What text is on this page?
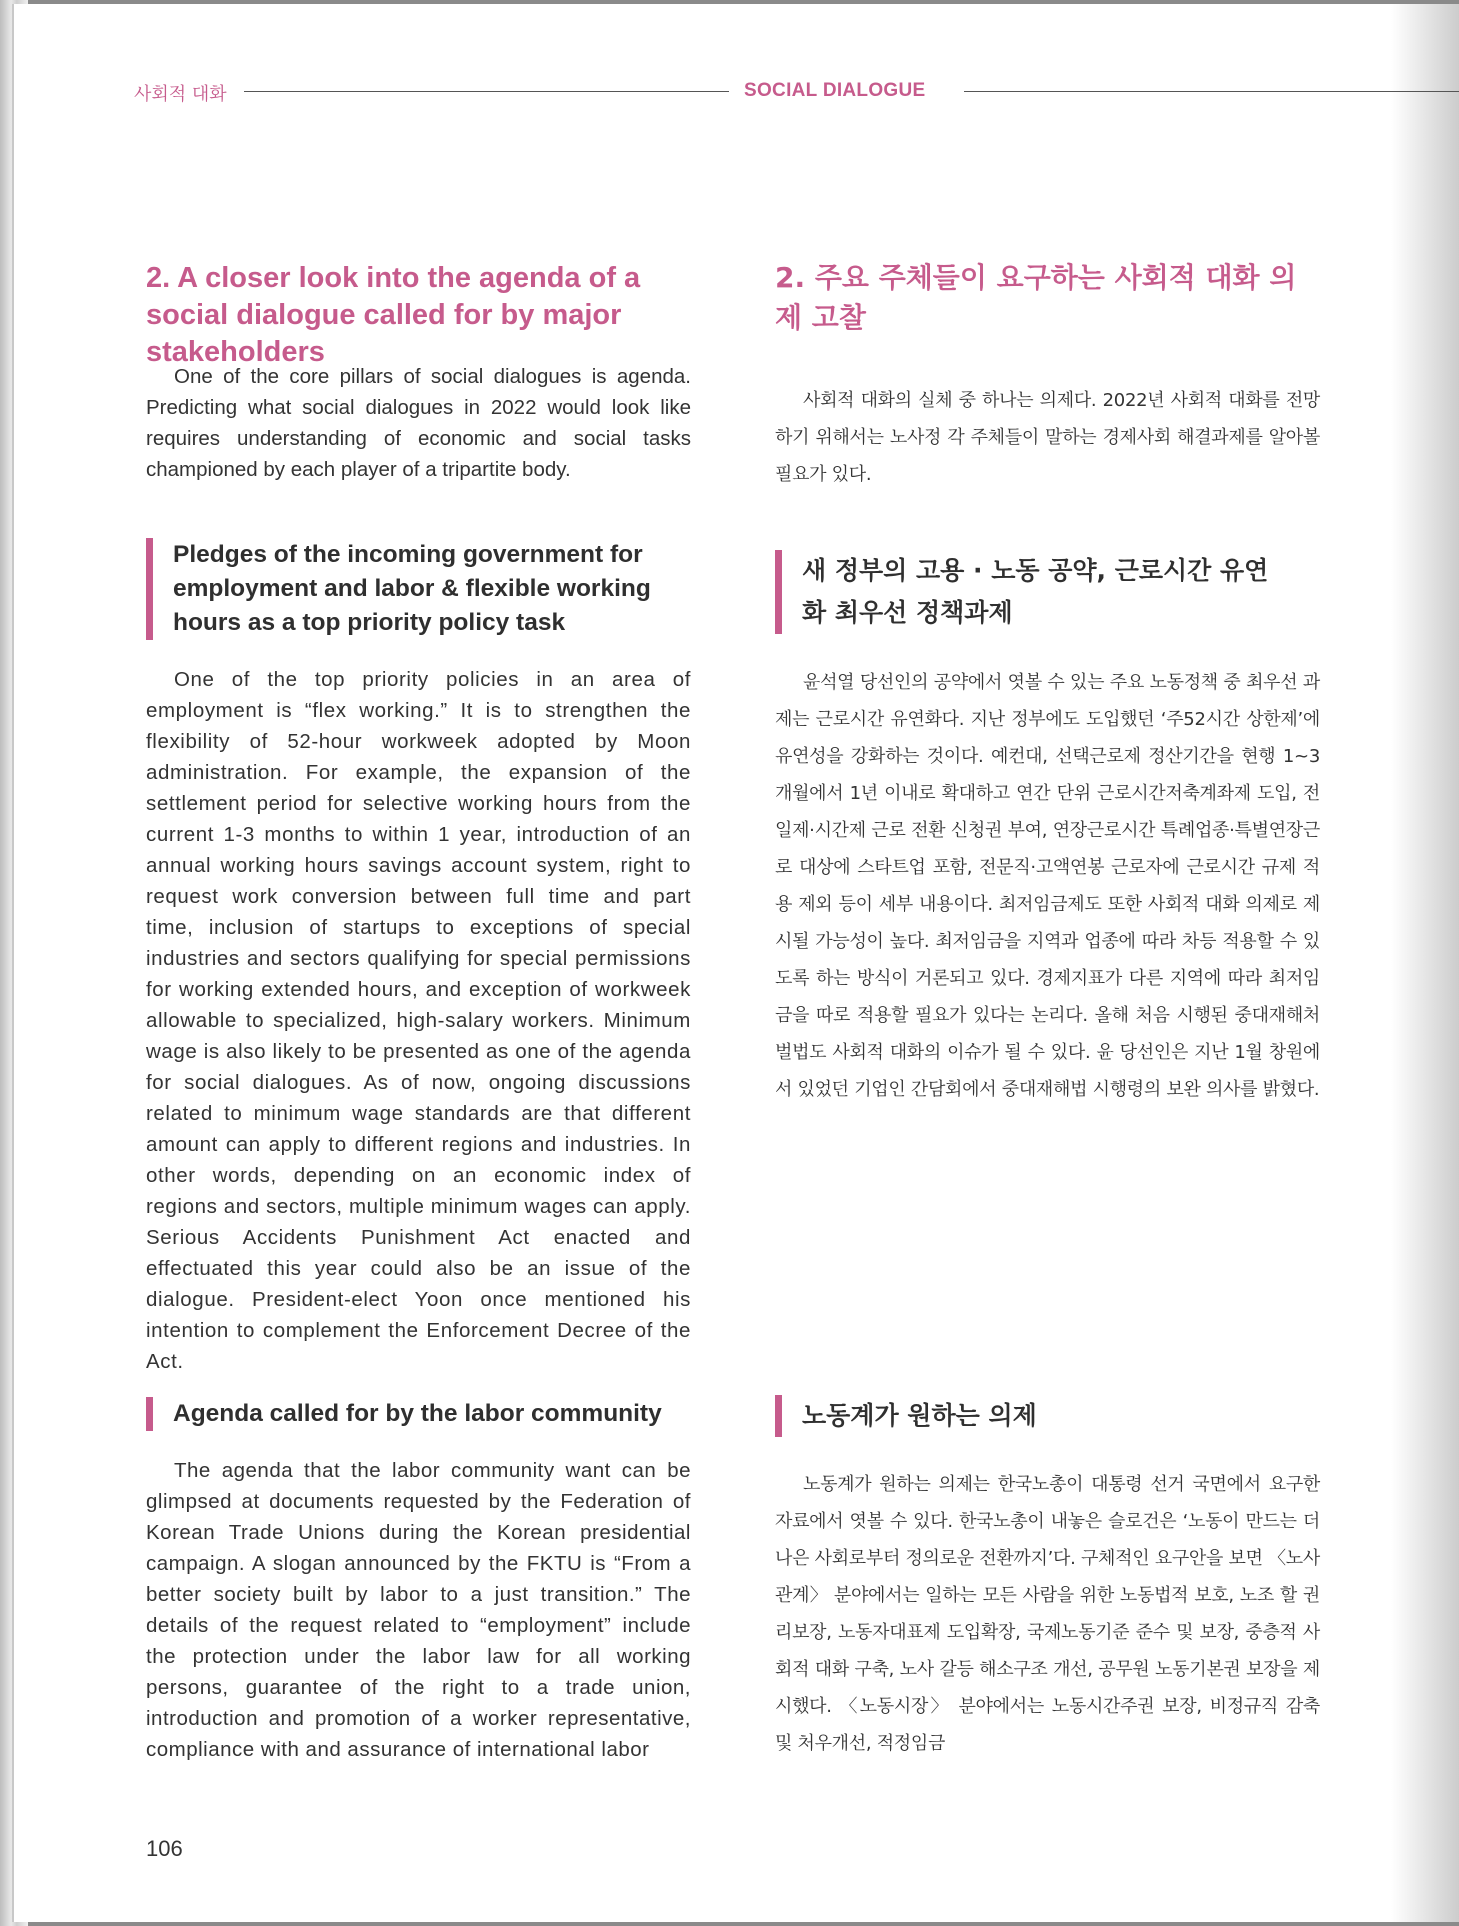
사회적 대화	SOCIAL DIALOGUE
2. A closer look into the agenda of a social dialogue called for by major stakeholders

One of the core pillars of social dialogues is agenda. Predicting what social dialogues in 2022 would look like requires understanding of economic and social tasks championed by each player of a tripartite body.

Pledges of the incoming government for employment and labor & flexible working hours as a top priority policy task

One of the top priority policies in an area of employment is “flex working.” It is to strengthen the flexibility of 52-hour workweek adopted by Moon administration. For example, the expansion of the settlement period for selective working hours from the current 1-3 months to within 1 year, introduction of an annual working hours savings account system, right to request work conversion between full time and part time, inclusion of startups to exceptions of special industries and sectors qualifying for special permissions for working extended hours, and exception of workweek allowable to specialized, high-salary workers. Minimum wage is also likely to be presented as one of the agenda for social dialogues. As of now, ongoing discussions related to minimum wage standards are that different amount can apply to different regions and industries. In other words, depending on an economic index of regions and sectors, multiple minimum wages can apply. Serious Accidents Punishment Act enacted and effectuated this year could also be an issue of the dialogue. President-elect Yoon once mentioned his intention to complement the Enforcement Decree of the Act.

Agenda called for by the labor community

The agenda that the labor community want can be glimpsed at documents requested by the Federation of Korean Trade Unions during the Korean presidential campaign. A slogan announced by the FKTU is “From a better society built by labor to a just transition.” The details of the request related to “employment” include the protection under the labor law for all working persons, guarantee of the right to a trade union, introduction and promotion of a worker representative, compliance with and assurance of international labor

2. 주요 주체들이 요구하는 사회적 대화 의제 고찰

사회적 대화의 실체 중 하나는 의제다. 2022년 사회적 대화를 전망하기 위해서는 노사정 각 주체들이 말하는 경제사회 해결과제를 알아볼 필요가 있다.

새 정부의 고용 · 노동 공약, 근로시간 유연화 최우선 정책과제

윤석열 당선인의 공약에서 엿볼 수 있는 주요 노동정책 중 최우선 과제는 근로시간 유연화다. 지난 정부에도 도입했던 ‘주52시간 상한제’에 유연성을 강화하는 것이다. 예컨대, 선택근로제 정산기간을 현행 1~3개월에서 1년 이내로 확대하고 연간 단위 근로시간저축계좌제 도입, 전일제·시간제 근로 전환 신청권 부여, 연장근로시간 특례업종·특별연장근로 대상에 스타트업 포함, 전문직·고액연봉 근로자에 근로시간 규제 적용 제외 등이 세부 내용이다. 최저임금제도 또한 사회적 대화 의제로 제시될 가능성이 높다. 최저임금을 지역과 업종에 따라 차등 적용할 수 있도록 하는 방식이 거론되고 있다. 경제지표가 다른 지역에 따라 최저임금을 따로 적용할 필요가 있다는 논리다. 올해 처음 시행된 중대재해처벌법도 사회적 대화의 이슈가 될 수 있다. 윤 당선인은 지난 1월 창원에서 있었던 기업인 간담회에서 중대재해법 시행령의 보완 의사를 밝혔다.

노동계가 원하는 의제

노동계가 원하는 의제는 한국노총이 대통령 선거 국면에서 요구한 자료에서 엿볼 수 있다. 한국노총이 내놓은 슬로건은 ‘노동이 만드는 더 나은 사회로부터 정의로운 전환까지’다. 구체적인 요구안을 보면 〈노사관계〉 분야에서는 일하는 모든 사람을 위한 노동법적 보호, 노조 할 권리보장, 노동자대표제 도입확장, 국제노동기준 준수 및 보장, 중층적 사회적 대화 구축, 노사 갈등 해소구조 개선, 공무원 노동기본권 보장을 제시했다. 〈노동시장〉 분야에서는 노동시간주권 보장, 비정규직 감축 및 처우개선, 적정임금

106
